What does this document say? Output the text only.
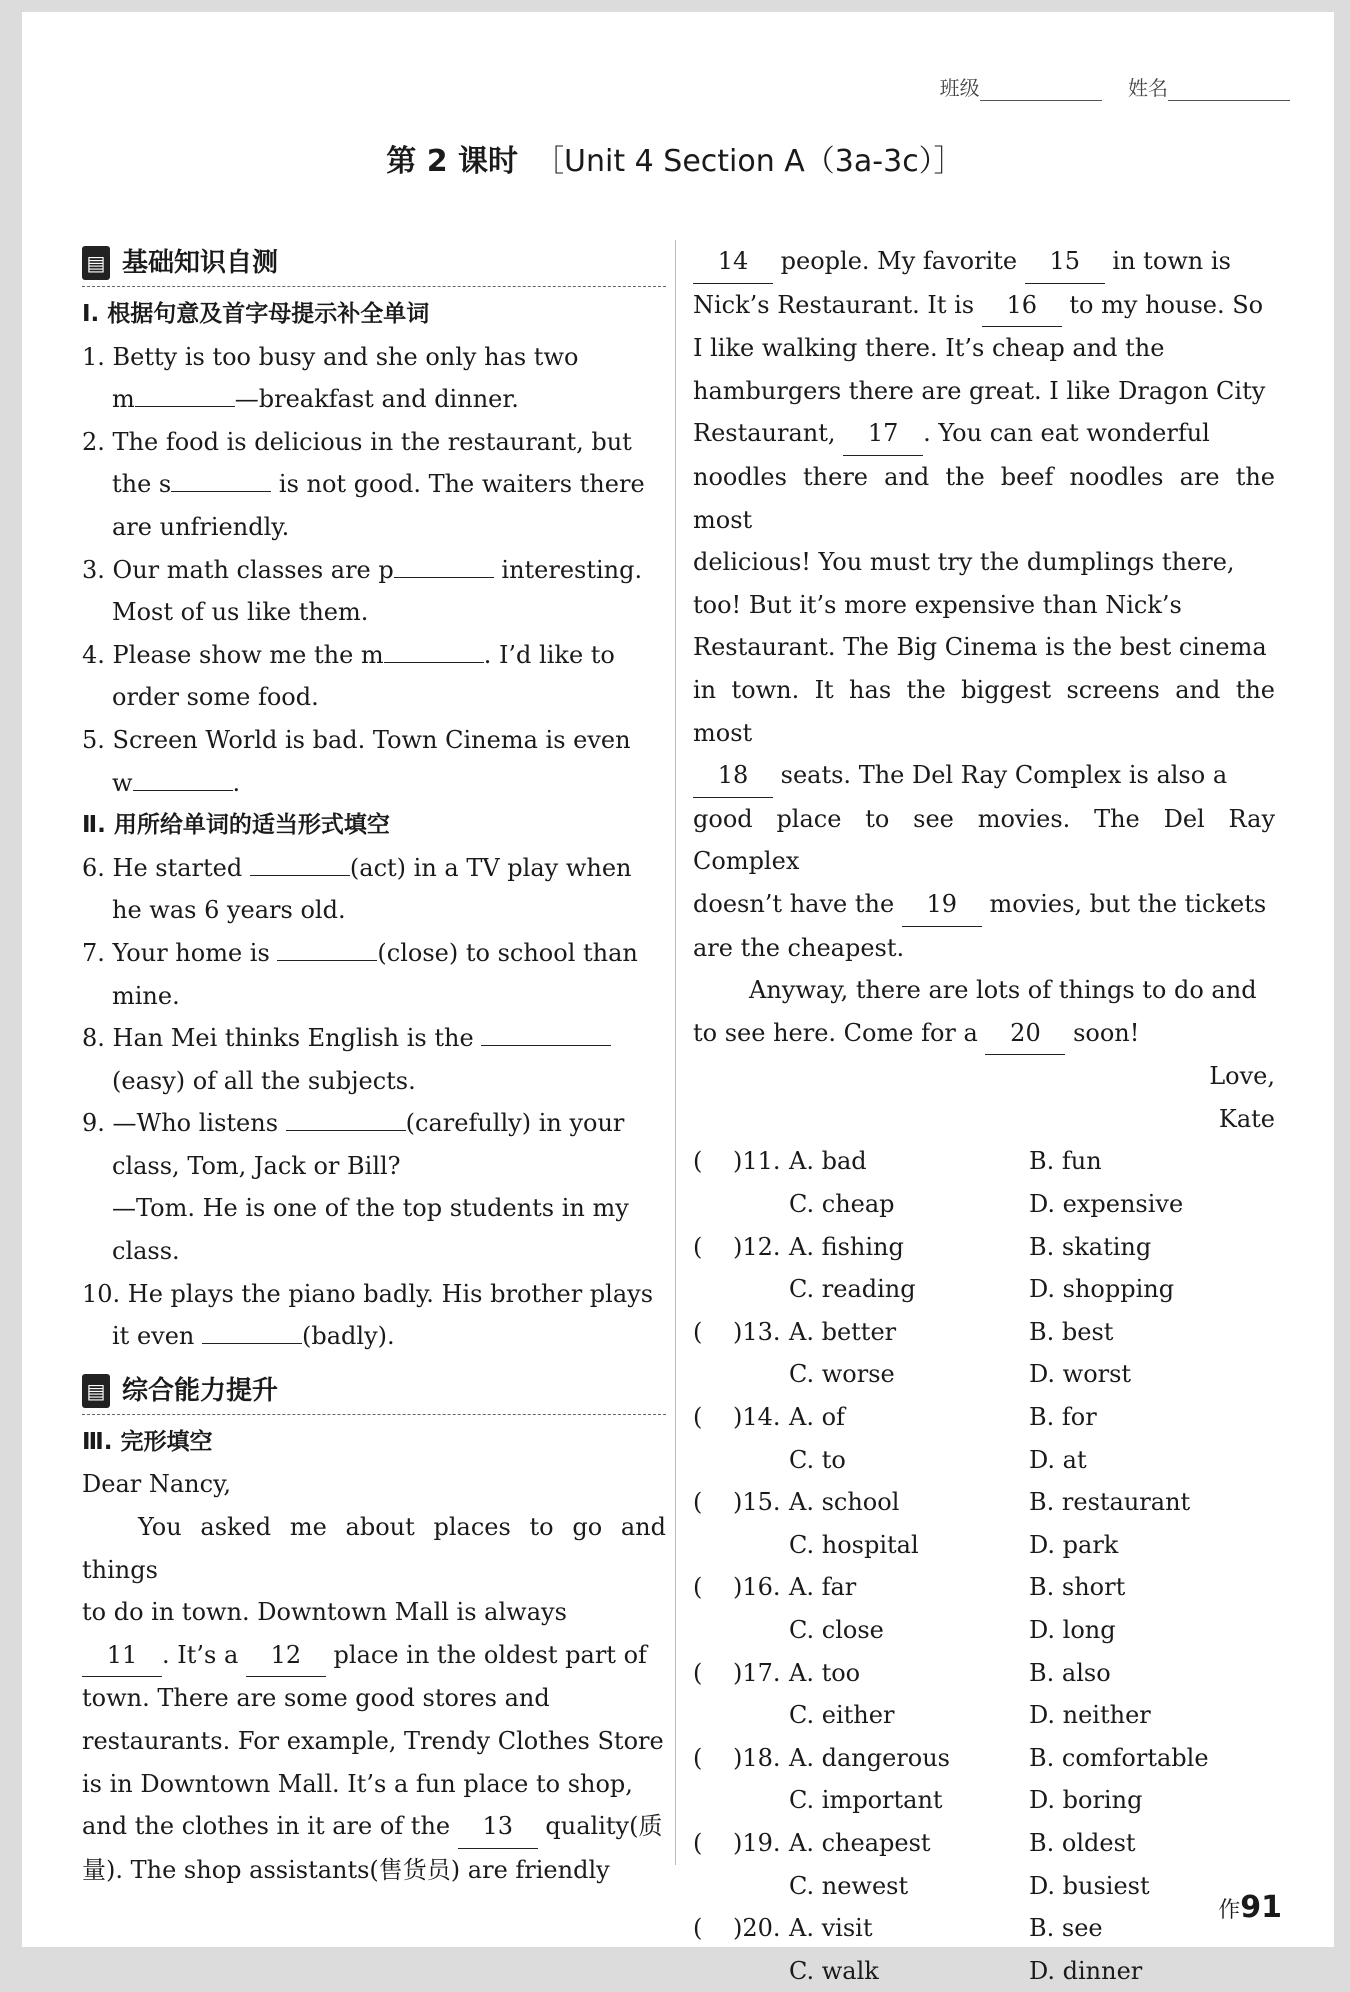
班级	姓名
第 2 课时 ［Unit 4 Section A（3a-3c）］
▤ 基础知识自测
Ⅰ. 根据句意及首字母提示补全单词
1. Betty is too busy and she only has two
m	—breakfast and dinner.
2. The food is delicious in the restaurant, but
the s	is not good. The waiters there
are unfriendly.
3. Our math classes are p	interesting.
Most of us like them.
4. Please show me the m	. I’d like to
order some food.
5. Screen World is bad. Town Cinema is even
w	.
Ⅱ. 用所给单词的适当形式填空
6. He started	(act) in a TV play when
he was 6 years old.
7. Your home is	(close) to school than
mine.
8. Han Mei thinks English is the
(easy) of all the subjects.
9. —Who listens	(carefully) in your
class, Tom, Jack or Bill?
—Tom. He is one of the top students in my
class.
10. He plays the piano badly. His brother plays
it even	(badly).
▤ 综合能力提升
Ⅲ. 完形填空
Dear Nancy,
You asked me about places to go and things
to do in town. Downtown Mall is always
11 . It’s a 12 place in the oldest part of
town. There are some good stores and
restaurants. For example, Trendy Clothes Store
is in Downtown Mall. It’s a fun place to shop,
and the clothes in it are of the 13 quality(质
量). The shop assistants(售货员) are friendly
14 people. My favorite 15 in town is
Nick’s Restaurant. It is 16 to my house. So
I like walking there. It’s cheap and the
hamburgers there are great. I like Dragon City
Restaurant, 17 . You can eat wonderful
noodles there and the beef noodles are the most
delicious! You must try the dumplings there,
too! But it’s more expensive than Nick’s
Restaurant. The Big Cinema is the best cinema
in town. It has the biggest screens and the most
18 seats. The Del Ray Complex is also a
good place to see movies. The Del Ray Complex
doesn’t have the 19 movies, but the tickets
are the cheapest.
Anyway, there are lots of things to do and
to see here. Come for a 20 soon!
Love,
Kate
(	)11. A. bad	B. fun
C. cheap	D. expensive
(	)12. A. fishing	B. skating
C. reading	D. shopping
(	)13. A. better	B. best
C. worse	D. worst
(	)14. A. of	B. for
C. to	D. at
(	)15. A. school	B. restaurant
C. hospital	D. park
(	)16. A. far	B. short
C. close	D. long
(	)17. A. too	B. also
C. either	D. neither
(	)18. A. dangerous	B. comfortable
C. important	D. boring
(	)19. A. cheapest	B. oldest
C. newest	D. busiest
(	)20. A. visit	B. see
C. walk	D. dinner
作91
